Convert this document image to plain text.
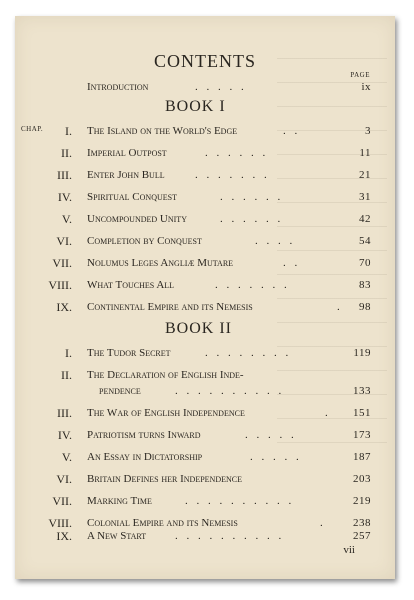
CONTENTS
PAGE
Introduction	. . . . .	ix
BOOK I
CHAP. I. The Island on the World's Edge	. .	3
II. Imperial Outpost	. . . . . .	11
III. Enter John Bull	. . . . . . .	21
IV. Spiritual Conquest	. . . . . .	31
V. Uncompounded Unity	. . . . . .	42
VI. Completion by Conquest	. . . .	54
VII. Nolumus Leges Angliæ Mutare	. .	70
VIII. What Touches All	. . . . . . .	83
IX. Continental Empire and its Nemesis	. 98
BOOK II
I. The Tudor Secret	. . . . . . . .	119
II. The Declaration of English Inde-
pendence	. . . . . . . . . .	133
III. The War of English Independence	. 151
IV. Patriotism turns Inward	. . . . .	173
V. An Essay in Dictatorship	. . . . .	187
VI. Britain Defines her Independence	203
VII. Marking Time	. . . . . . . . . .	219
VIII. Colonial Empire and its Nemesis	. 238
IX. A New Start	. . . . . . . . . .	257
vii
